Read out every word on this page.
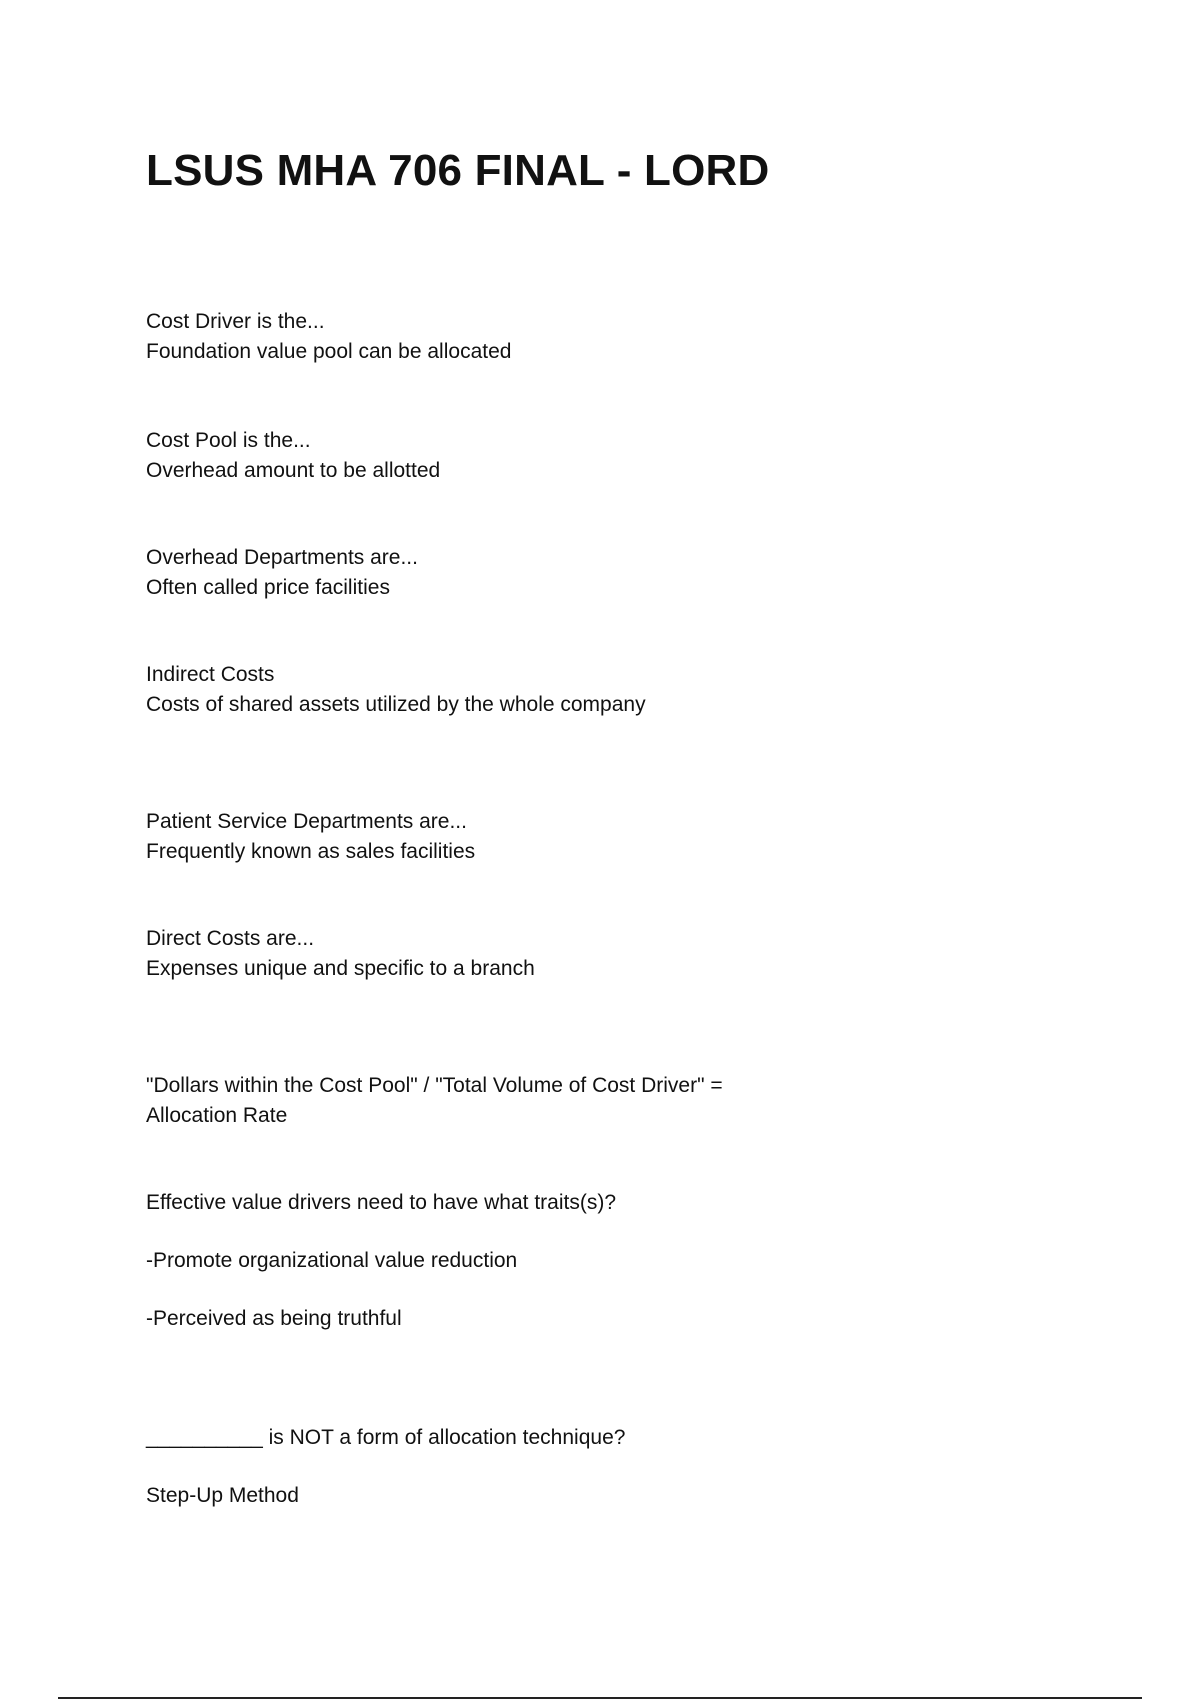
LSUS MHA 706 FINAL - LORD

Cost Driver is the...

Foundation value pool can be allocated

Cost Pool is the...

Overhead amount to be allotted

Overhead Departments are...

Often called price facilities

Indirect Costs

Costs of shared assets utilized by the whole company

Patient Service Departments are...

Frequently known as sales facilities

Direct Costs are...

Expenses unique and specific to a branch

"Dollars within the Cost Pool" / "Total Volume of Cost Driver" =

Allocation Rate

Effective value drivers need to have what traits(s)?

-Promote organizational value reduction

-Perceived as being truthful

__________ is NOT a form of allocation technique?

Step-Up Method
